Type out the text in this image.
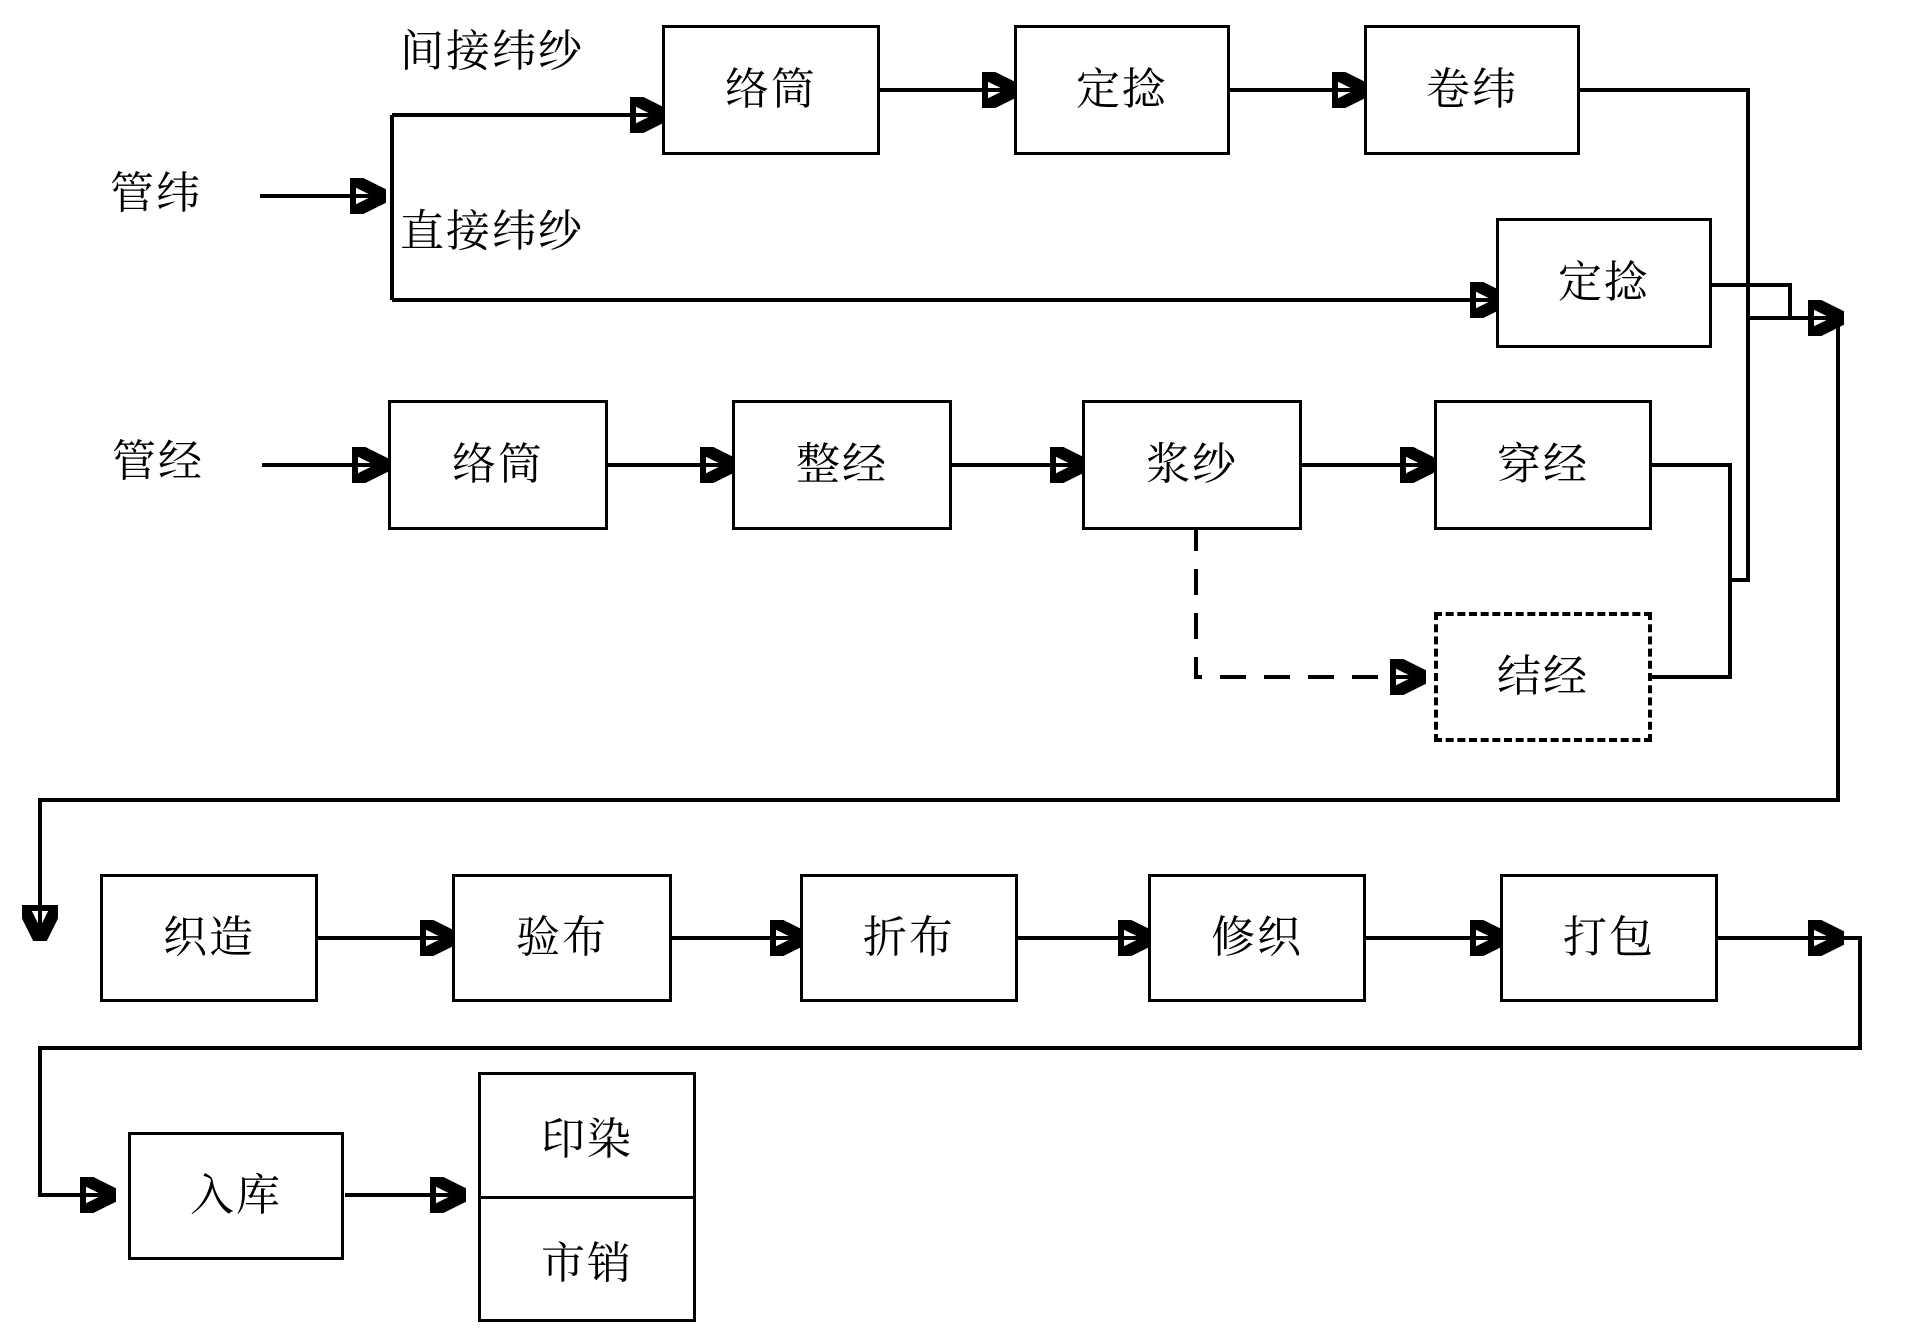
管纬
间接纬纱
直接纬纱
管经
络筒	定捻	卷纬
定捻
络筒	整经	浆纱	穿经
结经
织造	验布	折布	修织	打包
入库
印染
市销
